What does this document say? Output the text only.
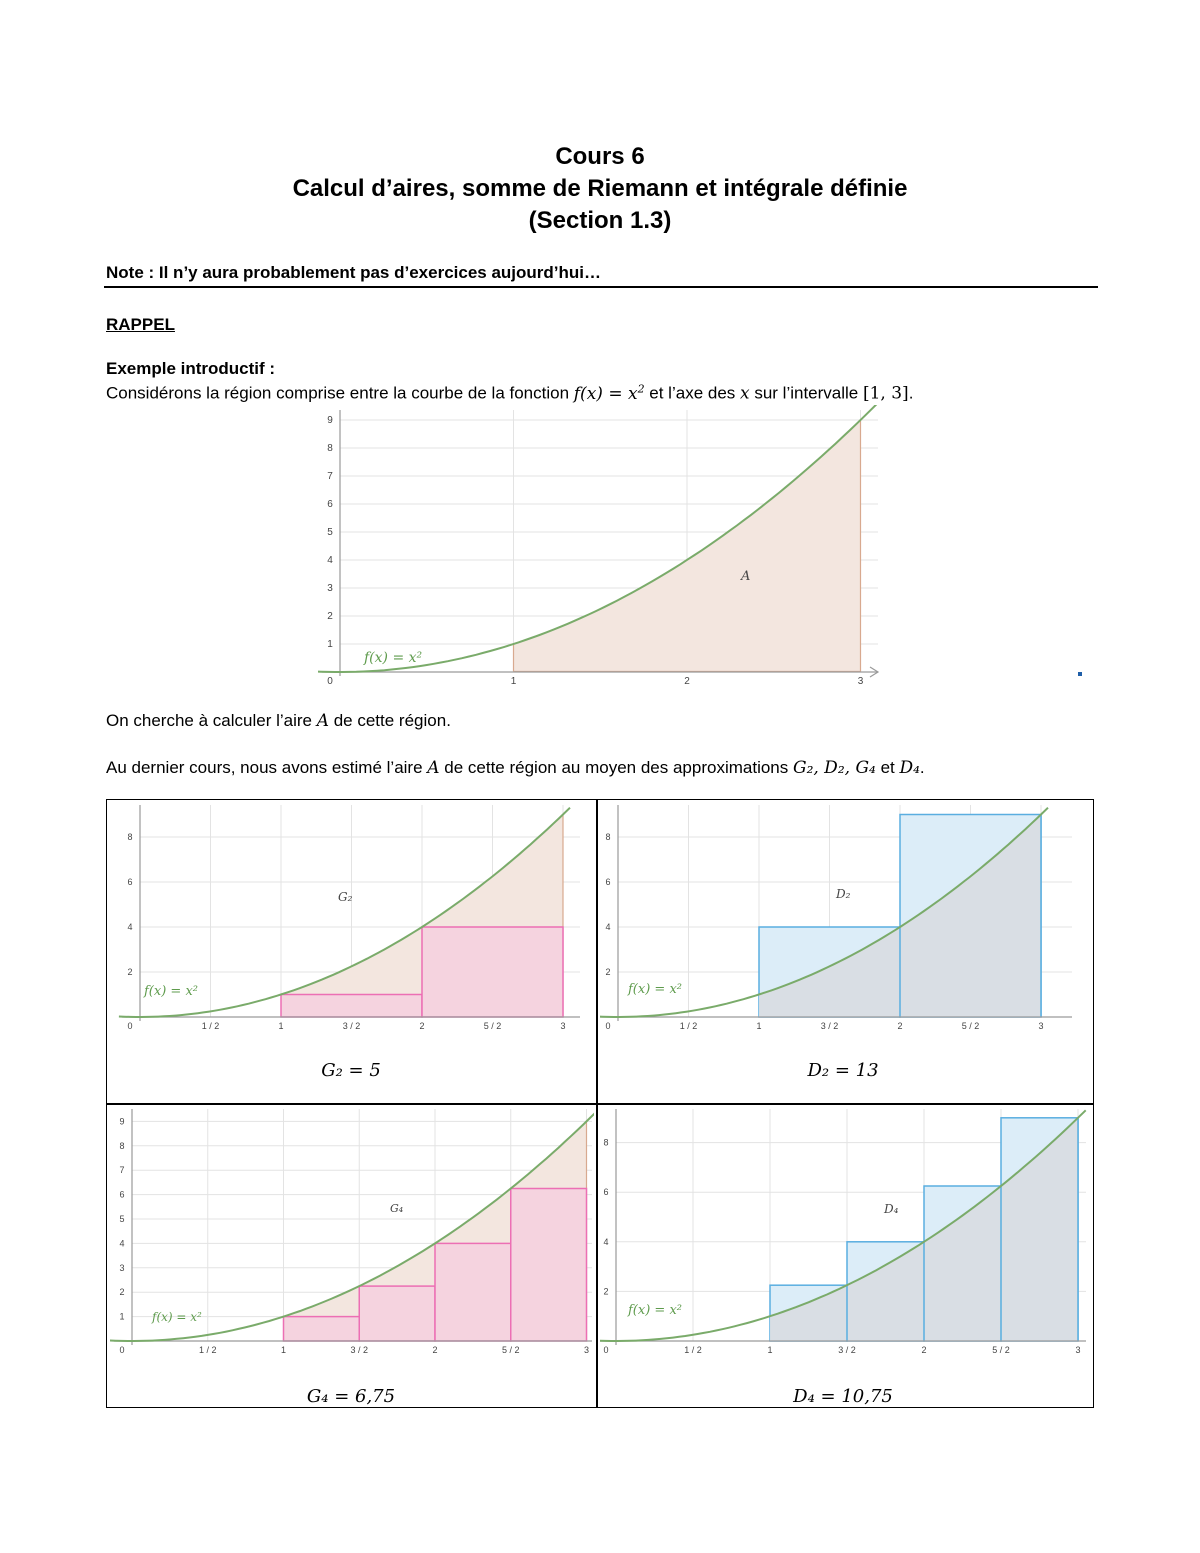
Cours 6
Calcul d’aires, somme de Riemann et intégrale définie
(Section 1.3)
Note : Il n’y aura probablement pas d’exercices aujourd’hui…
RAPPEL
Exemple introductif :
Considérons la région comprise entre la courbe de la fonction $f(x) = x^2$ et l’axe des x sur l’intervalle [1, 3].
0	1	2	3
1
2
3
4
5
6
7
8
9
f(x) = x²
A
On cherche à calculer l’aire A de cette région.
Au dernier cours, nous avons estimé l’aire A de cette région au moyen des approximations G₂, D₂, G₄ et D₄.
0	1 / 2	1	3 / 2	2	5 / 2	3
2
4
6
8
f(x) = x²
G₂
0	1 / 2	1	3 / 2	2	5 / 2	3
2
4
6
8
f(x) = x²
D₂
0	1 / 2	1	3 / 2	2	5 / 2	3
1
2
3
4
5
6
7
8
9
f(x) = x²
G₄
0	1 / 2	1	3 / 2	2	5 / 2	3
2
4
6
8
f(x) = x²
D₄
G₂ = 5	D₂ = 13
G₄ = 6,75	D₄ = 10,75
